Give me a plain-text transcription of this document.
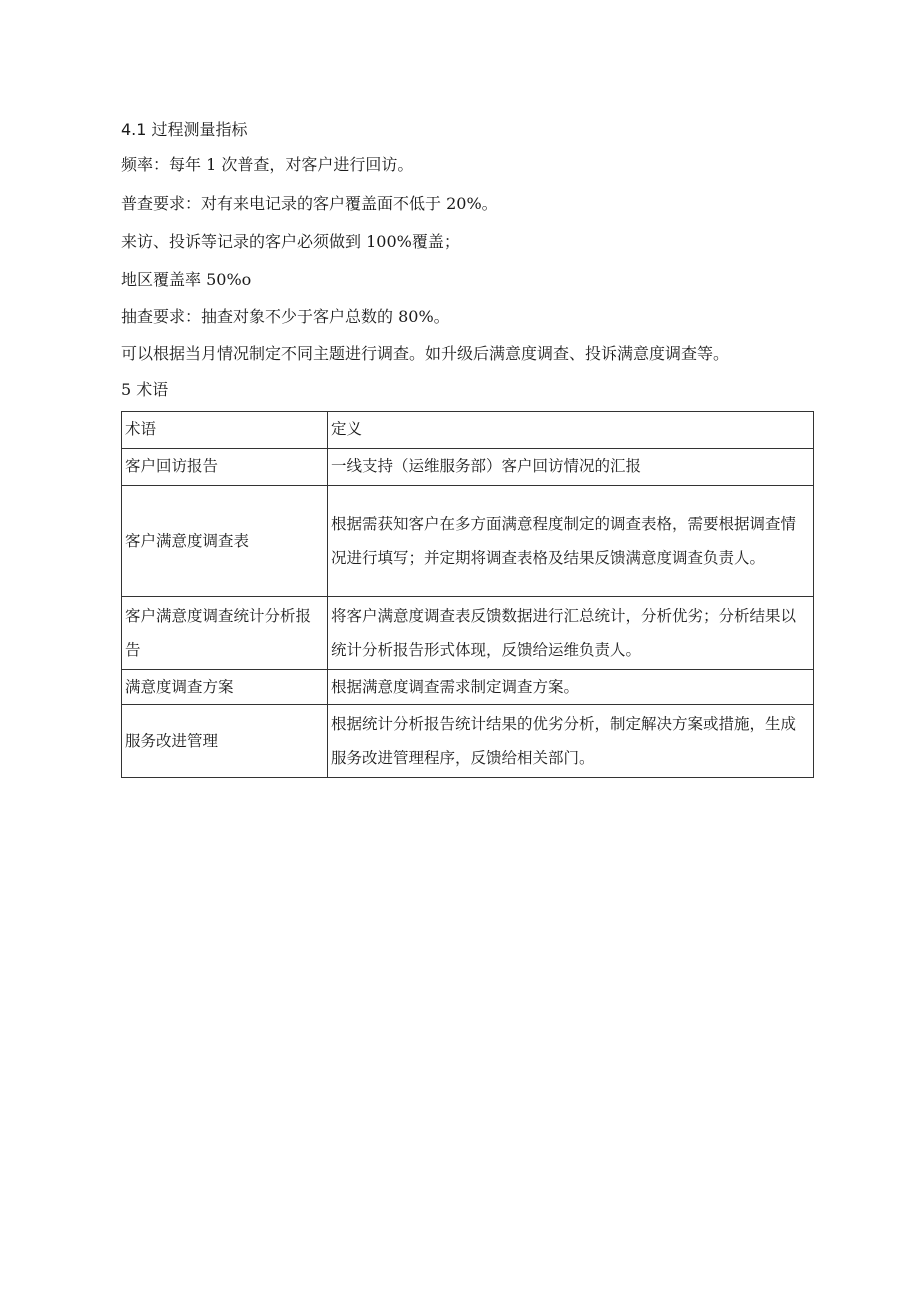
4.1 过程测量指标
频率：每年 1 次普查，对客户进行回访。
普查要求：对有来电记录的客户覆盖面不低于 20%。
来访、投诉等记录的客户必须做到 100%覆盖；
地区覆盖率 50%o
抽查要求：抽查对象不少于客户总数的 80%。
可以根据当月情况制定不同主题进行调查。如升级后满意度调查、投诉满意度调查等。
5 术语
术语	定义
客户回访报告	一线支持（运维服务部）客户回访情况的汇报
客户满意度调查表	根据需获知客户在多方面满意程度制定的调查表格，需要根据调查情况进行填写；并定期将调查表格及结果反馈满意度调查负责人。
客户满意度调查统计分析报告	将客户满意度调查表反馈数据进行汇总统计，分析优劣；分析结果以统计分析报告形式体现，反馈给运维负责人。
满意度调查方案	根据满意度调查需求制定调查方案。
服务改进管理	根据统计分析报告统计结果的优劣分析，制定解决方案或措施，生成服务改进管理程序，反馈给相关部门。
